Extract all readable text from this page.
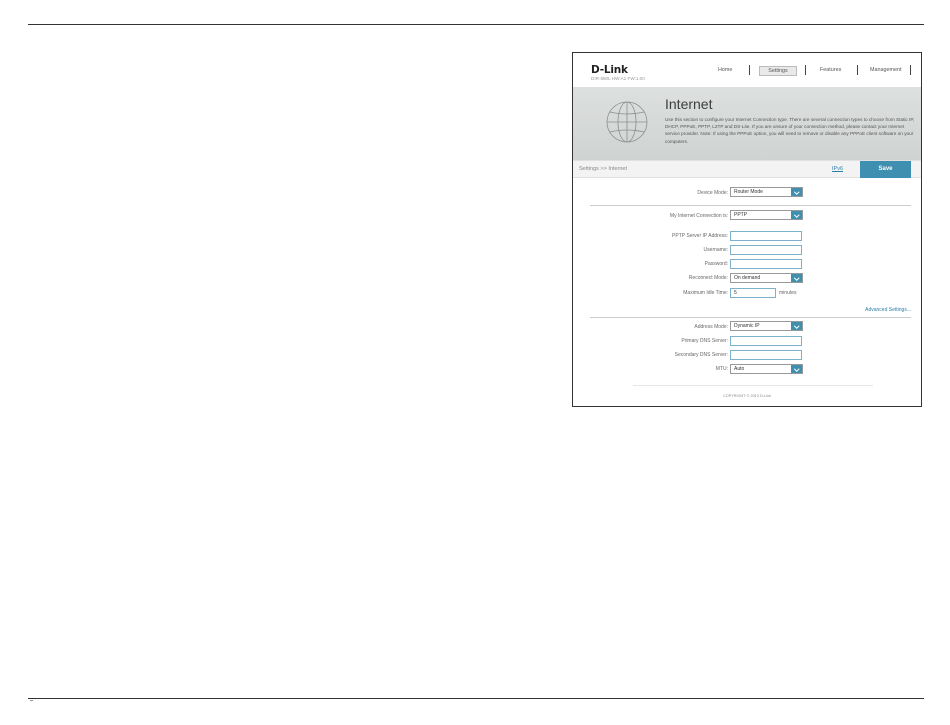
D-Link
DIR-880L HW:A1 FW:1.00
Home	Settings	Features	Management
Internet
Use this section to configure your Internet Connection type. There are several connection types to choose from Static IP, DHCP, PPPoE, PPTP, L2TP and DS-Lite. If you are unsure of your connection method, please contact your Internet service provider. Note: If using the PPPoE option, you will need to remove or disable any PPPoE client software on your computers.
Settings >> Internet	IPv6	Save
Device Mode: Router Mode
My Internet Connection is: PPTP
PPTP Server IP Address:
Username:
Password:
Reconnect Mode: On demand
Maximum Idle Time: 5	minutes
Advanced Settings...
Address Mode: Dynamic IP
Primary DNS Server:
Secondary DNS Server:
MTU: Auto
COPYRIGHT © 2013 D-Link
